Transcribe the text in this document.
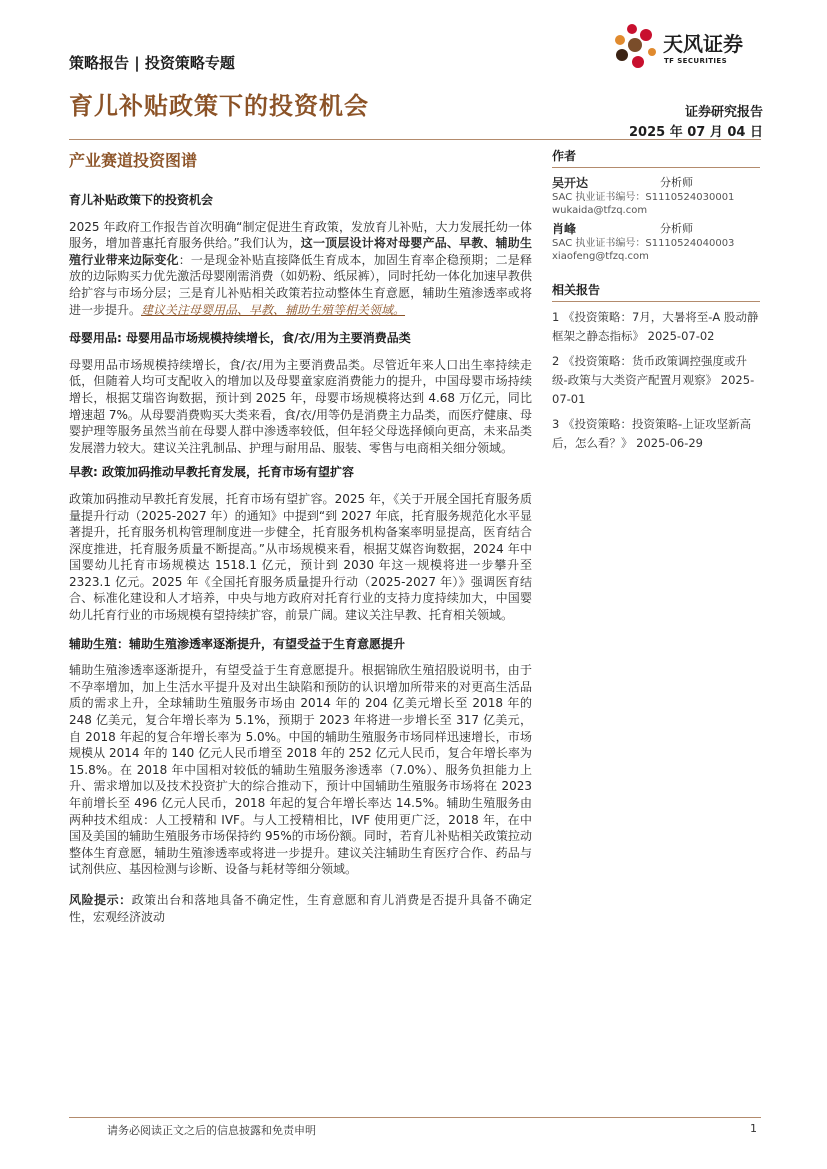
策略报告 | 投资策略专题
育儿补贴政策下的投资机会
天风证券
TF SECURITIES
证券研究报告
2025 年 07 月 04 日
产业赛道投资图谱

育儿补贴政策下的投资机会

2025 年政府工作报告首次明确“制定促进生育政策，发放育儿补贴，大力发展托幼一体服务，增加普惠托育服务供给。”我们认为，这一顶层设计将对母婴产品、早教、辅助生殖行业带来边际变化：一是现金补贴直接降低生育成本，加固生育率企稳预期；二是释放的边际购买力优先激活母婴刚需消费（如奶粉、纸尿裤），同时托幼一体化加速早教供给扩容与市场分层；三是育儿补贴相关政策若拉动整体生育意愿，辅助生殖渗透率或将进一步提升。建议关注母婴用品、早教、辅助生殖等相关领域。

母婴用品: 母婴用品市场规模持续增长，食/衣/用为主要消费品类

母婴用品市场规模持续增长，食/衣/用为主要消费品类。尽管近年来人口出生率持续走低，但随着人均可支配收入的增加以及母婴童家庭消费能力的提升，中国母婴市场持续增长，根据艾瑞咨询数据，预计到 2025 年，母婴市场规模将达到 4.68 万亿元，同比增速超 7%。从母婴消费购买大类来看，食/衣/用等仍是消费主力品类，而医疗健康、母婴护理等服务虽然当前在母婴人群中渗透率较低，但年轻父母选择倾向更高，未来品类发展潜力较大。建议关注乳制品、护理与耐用品、服装、零售与电商相关细分领域。

早教: 政策加码推动早教托育发展，托育市场有望扩容

政策加码推动早教托育发展，托育市场有望扩容。2025 年，《关于开展全国托育服务质量提升行动（2025-2027 年）的通知》中提到“到 2027 年底，托育服务规范化水平显著提升，托育服务机构管理制度进一步健全，托育服务机构备案率明显提高，医育结合深度推进，托育服务质量不断提高。”从市场规模来看，根据艾媒咨询数据，2024 年中国婴幼儿托育市场规模达 1518.1 亿元，预计到 2030 年这一规模将进一步攀升至 2323.1 亿元。2025 年《全国托育服务质量提升行动（2025-2027 年）》强调医育结合、标准化建设和人才培养，中央与地方政府对托育行业的支持力度持续加大，中国婴幼儿托育行业的市场规模有望持续扩容，前景广阔。建议关注早教、托育相关领域。

辅助生殖：辅助生殖渗透率逐渐提升，有望受益于生育意愿提升

辅助生殖渗透率逐渐提升，有望受益于生育意愿提升。根据锦欣生殖招股说明书，由于不孕率增加，加上生活水平提升及对出生缺陷和预防的认识增加所带来的对更高生活品质的需求上升，全球辅助生殖服务市场由 2014 年的 204 亿美元增长至 2018 年的 248 亿美元，复合年增长率为 5.1%，预期于 2023 年将进一步增长至 317 亿美元，自 2018 年起的复合年增长率为 5.0%。中国的辅助生殖服务市场同样迅速增长，市场规模从 2014 年的 140 亿元人民币增至 2018 年的 252 亿元人民币，复合年增长率为 15.8%。在 2018 年中国相对较低的辅助生殖服务渗透率（7.0%）、服务负担能力上升、需求增加以及技术投资扩大的综合推动下，预计中国辅助生殖服务市场将在 2023 年前增长至 496 亿元人民币，2018 年起的复合年增长率达 14.5%。辅助生殖服务由两种技术组成：人工授精和 IVF。与人工授精相比，IVF 使用更广泛，2018 年，在中国及美国的辅助生殖服务市场保持约 95%的市场份额。同时，若育儿补贴相关政策拉动整体生育意愿，辅助生殖渗透率或将进一步提升。建议关注辅助生育医疗合作、药品与试剂供应、基因检测与诊断、设备与耗材等细分领域。

风险提示：政策出台和落地具备不确定性，生育意愿和育儿消费是否提升具备不确定性，宏观经济波动

作者
吴开达	分析师
SAC 执业证书编号：S1110524030001
wukaida@tfzq.com
肖峰	分析师
SAC 执业证书编号：S1110524040003
xiaofeng@tfzq.com
相关报告
1 《投资策略：7月，大暑将至-A 股动静框架之静态指标》 2025-07-02
2 《投资策略：货币政策调控强度或升级-政策与大类资产配置月观察》 2025-07-01
3 《投资策略：投资策略-上证攻坚新高后，怎么看？》 2025-06-29
请务必阅读正文之后的信息披露和免责申明	1
